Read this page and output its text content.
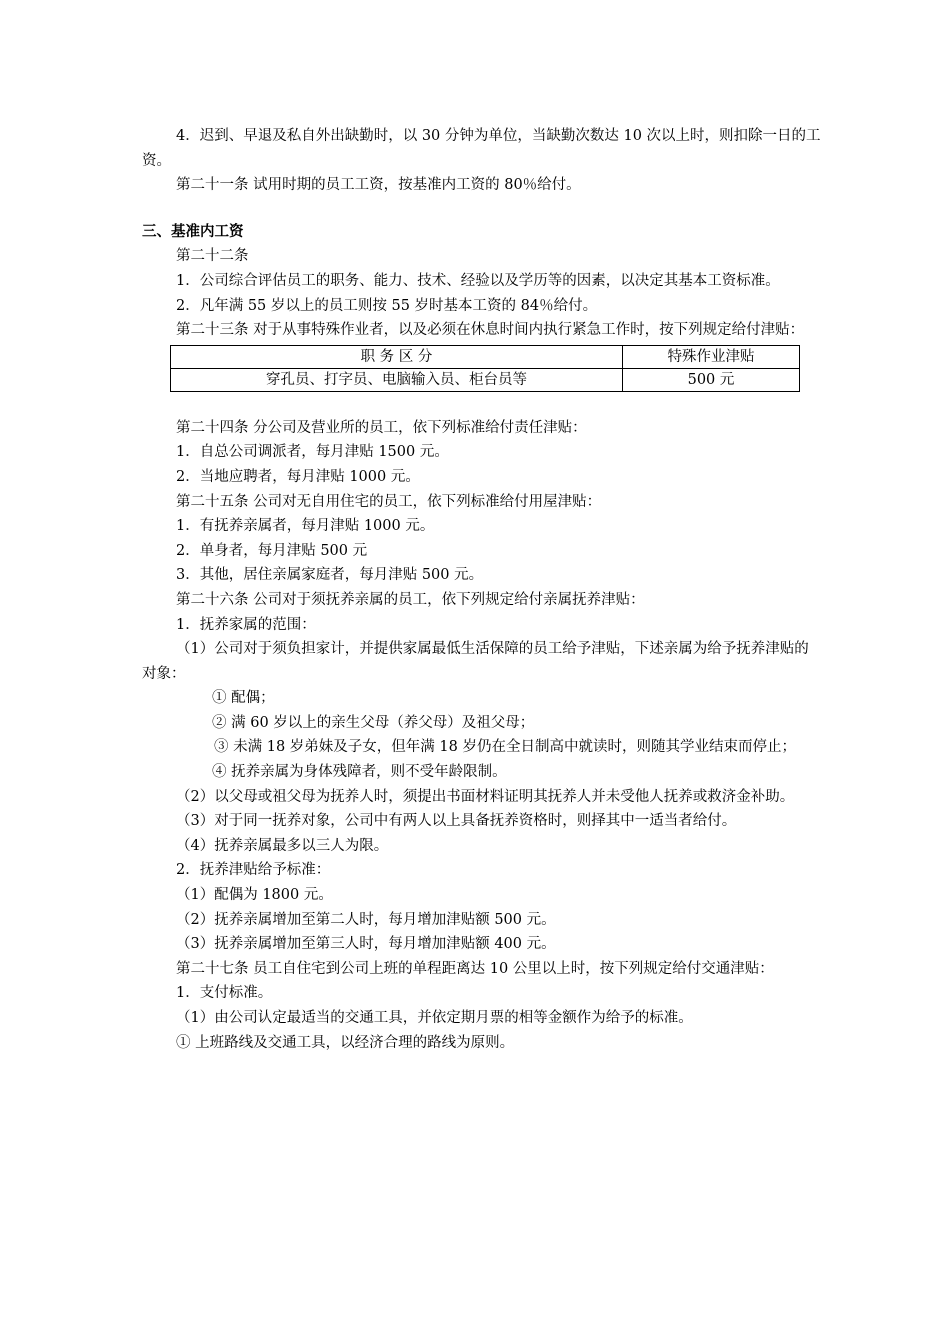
4．迟到、早退及私自外出缺勤时，以 30 分钟为单位，当缺勤次数达 10 次以上时，则扣除一日的工资。

第二十一条 试用时期的员工工资，按基准内工资的 80％给付。

三、基准内工资

第二十二条

1．公司综合评估员工的职务、能力、技术、经验以及学历等的因素，以决定其基本工资标准。

2．凡年满 55 岁以上的员工则按 55 岁时基本工资的 84％给付。

第二十三条 对于从事特殊作业者，以及必须在休息时间内执行紧急工作时，按下列规定给付津贴：

职 务 区 分	特殊作业津贴
穿孔员、打字员、电脑输入员、柜台员等	500 元

第二十四条 分公司及营业所的员工，依下列标准给付责任津贴：

1．自总公司调派者，每月津贴 1500 元。

2．当地应聘者，每月津贴 1000 元。

第二十五条 公司对无自用住宅的员工，依下列标准给付用屋津贴：

1．有抚养亲属者，每月津贴 1000 元。

2．单身者，每月津贴 500 元

3．其他，居住亲属家庭者，每月津贴 500 元。

第二十六条 公司对于须抚养亲属的员工，依下列规定给付亲属抚养津贴：

1．抚养家属的范围：

（1）公司对于须负担家计，并提供家属最低生活保障的员工给予津贴，下述亲属为给予抚养津贴的对象：

① 配偶；

② 满 60 岁以上的亲生父母（养父母）及祖父母；

③ 未满 18 岁弟妹及子女，但年满 18 岁仍在全日制高中就读时，则随其学业结束而停止；

④ 抚养亲属为身体残障者，则不受年龄限制。

（2）以父母或祖父母为抚养人时，须提出书面材料证明其抚养人并未受他人抚养或救济金补助。

（3）对于同一抚养对象，公司中有两人以上具备抚养资格时，则择其中一适当者给付。

（4）抚养亲属最多以三人为限。

2．抚养津贴给予标准：

（1）配偶为 1800 元。

（2）抚养亲属增加至第二人时，每月增加津贴额 500 元。

（3）抚养亲属增加至第三人时，每月增加津贴额 400 元。

第二十七条 员工自住宅到公司上班的单程距离达 10 公里以上时，按下列规定给付交通津贴：

1．支付标准。

（1）由公司认定最适当的交通工具，并依定期月票的相等金额作为给予的标准。

① 上班路线及交通工具，以经济合理的路线为原则。
